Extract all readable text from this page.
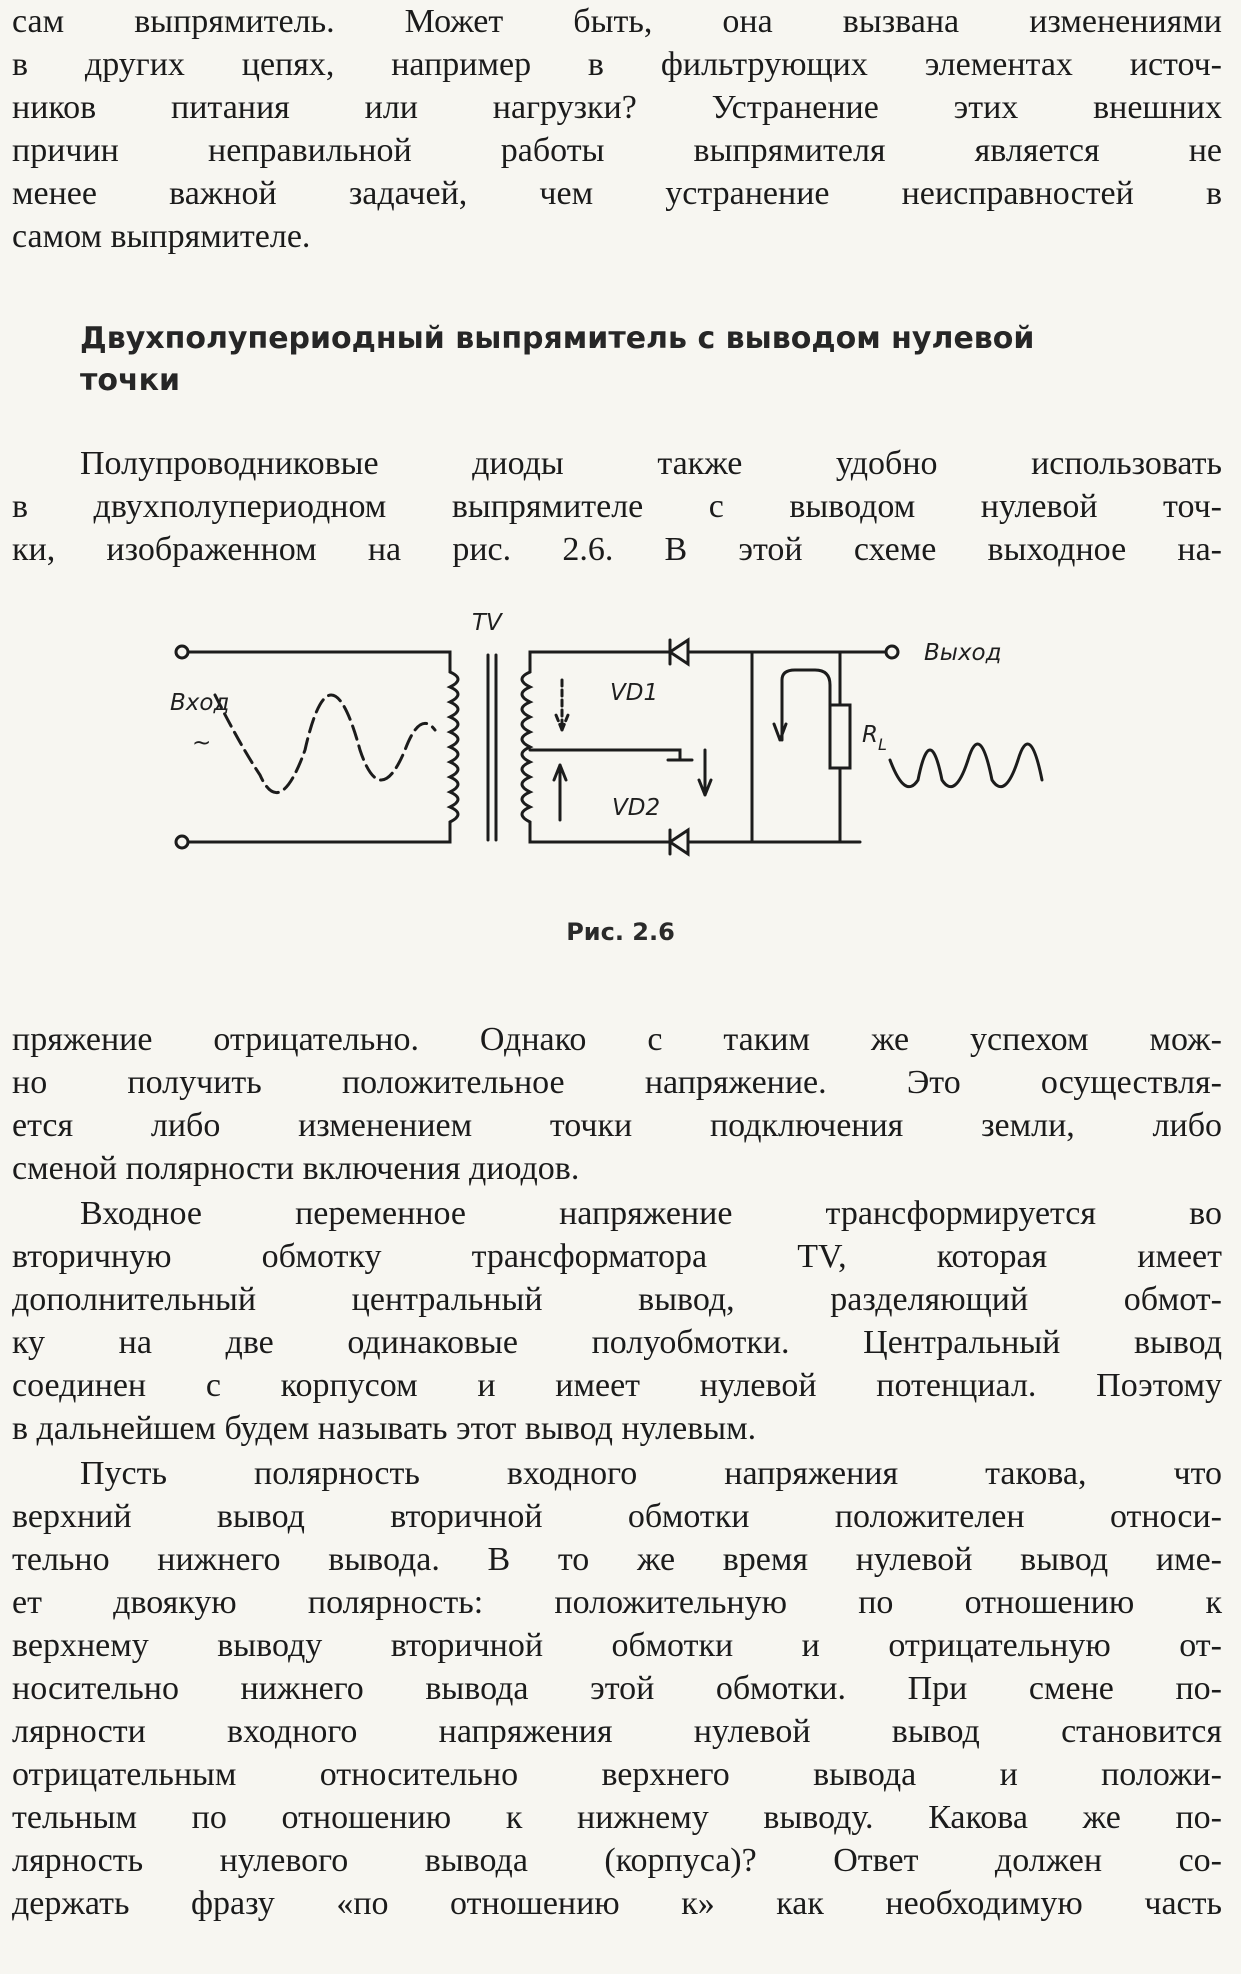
сам выпрямитель. Может быть, она вызвана изменениями
в других цепях, например в фильтрующих элементах источ-
ников питания или нагрузки? Устранение этих внешних
причин неправильной работы выпрямителя является не
менее важной задачей, чем устранение неисправностей в
самом выпрямителе.
Двухполупериодный выпрямитель с выводом нулевой
точки
Полупроводниковые диоды также удобно использовать
в двухполупериодном выпрямителе с выводом нулевой точ-
ки, изображенном на рис. 2.6. В этой схеме выходное на-
TV
Вход
~
Выход
VD1
VD2
R L
Рис. 2.6
пряжение отрицательно. Однако с таким же успехом мож-
но получить положительное напряжение. Это осуществля-
ется либо изменением точки подключения земли, либо
сменой полярности включения диодов.
Входное переменное напряжение трансформируется во
вторичную обмотку трансформатора TV, которая имеет
дополнительный центральный вывод, разделяющий обмот-
ку на две одинаковые полуобмотки. Центральный вывод
соединен с корпусом и имеет нулевой потенциал. Поэтому
в дальнейшем будем называть этот вывод нулевым.
Пусть полярность входного напряжения такова, что
верхний вывод вторичной обмотки положителен относи-
тельно нижнего вывода. В то же время нулевой вывод име-
ет двоякую полярность: положительную по отношению к
верхнему выводу вторичной обмотки и отрицательную от-
носительно нижнего вывода этой обмотки. При смене по-
лярности входного напряжения нулевой вывод становится
отрицательным относительно верхнего вывода и положи-
тельным по отношению к нижнему выводу. Какова же по-
лярность нулевого вывода (корпуса)? Ответ должен со-
держать фразу «по отношению к» как необходимую часть
